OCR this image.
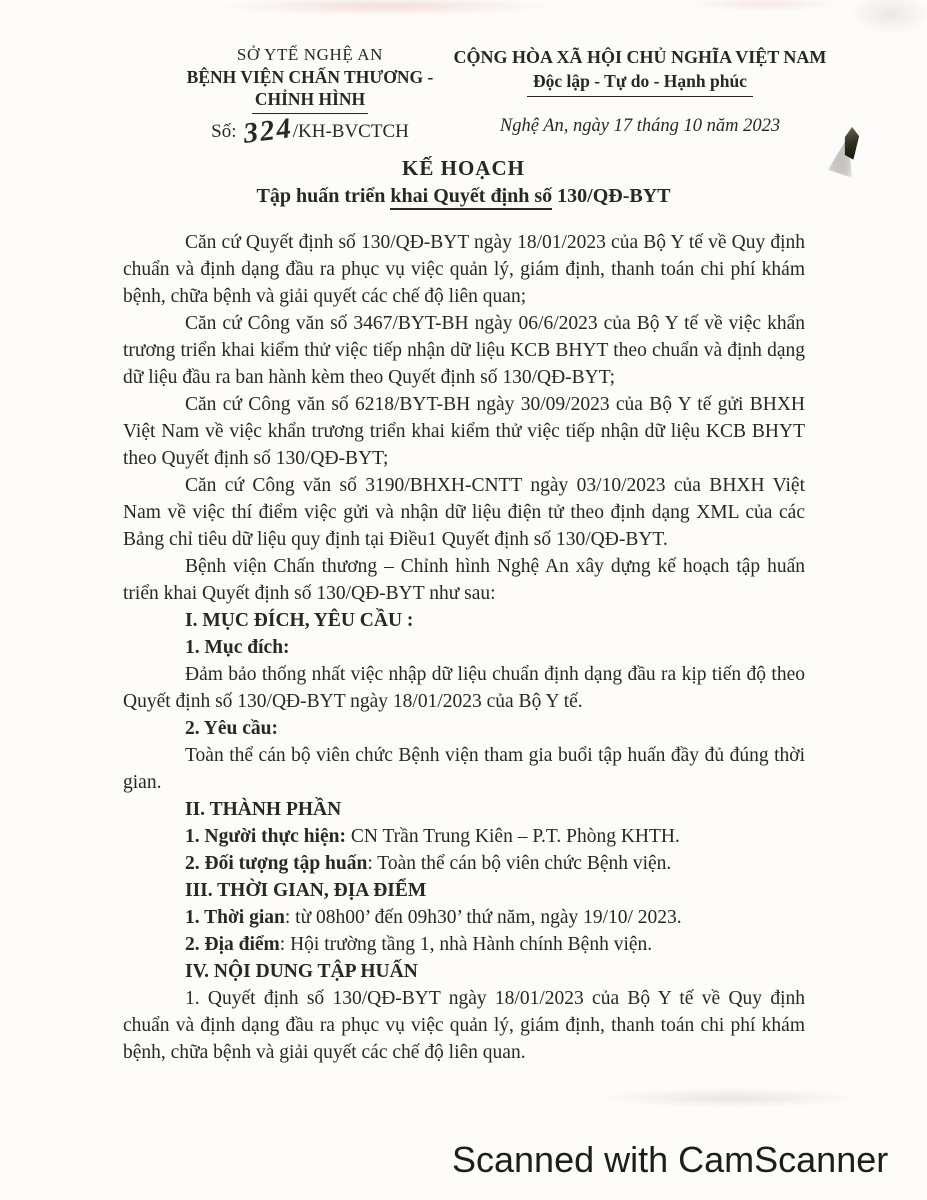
SỞ YTẾ NGHỆ AN
BỆNH VIỆN CHẤN THƯƠNG -
CHỈNH HÌNH
Số: 324/KH-BVCTCH
CỘNG HÒA XÃ HỘI CHỦ NGHĨA VIỆT NAM
Độc lập - Tự do - Hạnh phúc
Nghệ An, ngày 17 tháng 10 năm 2023
KẾ HOẠCH
Tập huấn triển khai Quyết định số 130/QĐ-BYT

Căn cứ Quyết định số 130/QĐ-BYT ngày 18/01/2023 của Bộ Y tế về Quy định chuẩn và định dạng đầu ra phục vụ việc quản lý, giám định, thanh toán chi phí khám bệnh, chữa bệnh và giải quyết các chế độ liên quan;

Căn cứ Công văn số 3467/BYT-BH ngày 06/6/2023 của Bộ Y tế về việc khẩn trương triển khai kiểm thử việc tiếp nhận dữ liệu KCB BHYT theo chuẩn và định dạng dữ liệu đầu ra ban hành kèm theo Quyết định số 130/QĐ-BYT;

Căn cứ Công văn số 6218/BYT-BH ngày 30/09/2023 của Bộ Y tế gửi BHXH Việt Nam về việc khẩn trương triển khai kiểm thử việc tiếp nhận dữ liệu KCB BHYT theo Quyết định số 130/QĐ-BYT;

Căn cứ Công văn số 3190/BHXH-CNTT ngày 03/10/2023 của BHXH Việt Nam về việc thí điểm việc gửi và nhận dữ liệu điện tử theo định dạng XML của các Bảng chỉ tiêu dữ liệu quy định tại Điều1 Quyết định số 130/QĐ-BYT.

Bệnh viện Chấn thương – Chỉnh hình Nghệ An xây dựng kế hoạch tập huấn triển khai Quyết định số 130/QĐ-BYT như sau:

I. MỤC ĐÍCH, YÊU CẦU :

1. Mục đích:

Đảm bảo thống nhất việc nhập dữ liệu chuẩn định dạng đầu ra kịp tiến độ theo Quyết định số 130/QĐ-BYT ngày 18/01/2023 của Bộ Y tế.

2. Yêu cầu:

Toàn thể cán bộ viên chức Bệnh viện tham gia buổi tập huấn đầy đủ đúng thời gian.

II. THÀNH PHẦN

1. Người thực hiện: CN Trần Trung Kiên – P.T. Phòng KHTH.

2. Đối tượng tập huấn: Toàn thể cán bộ viên chức Bệnh viện.

III. THỜI GIAN, ĐỊA ĐIỂM

1. Thời gian: từ 08h00’ đến 09h30’ thứ năm, ngày 19/10/ 2023.

2. Địa điểm: Hội trường tầng 1, nhà Hành chính Bệnh viện.

IV. NỘI DUNG TẬP HUẤN

1. Quyết định số 130/QĐ-BYT ngày 18/01/2023 của Bộ Y tế về Quy định chuẩn và định dạng đầu ra phục vụ việc quản lý, giám định, thanh toán chi phí khám bệnh, chữa bệnh và giải quyết các chế độ liên quan.

Scanned with CamScanner
